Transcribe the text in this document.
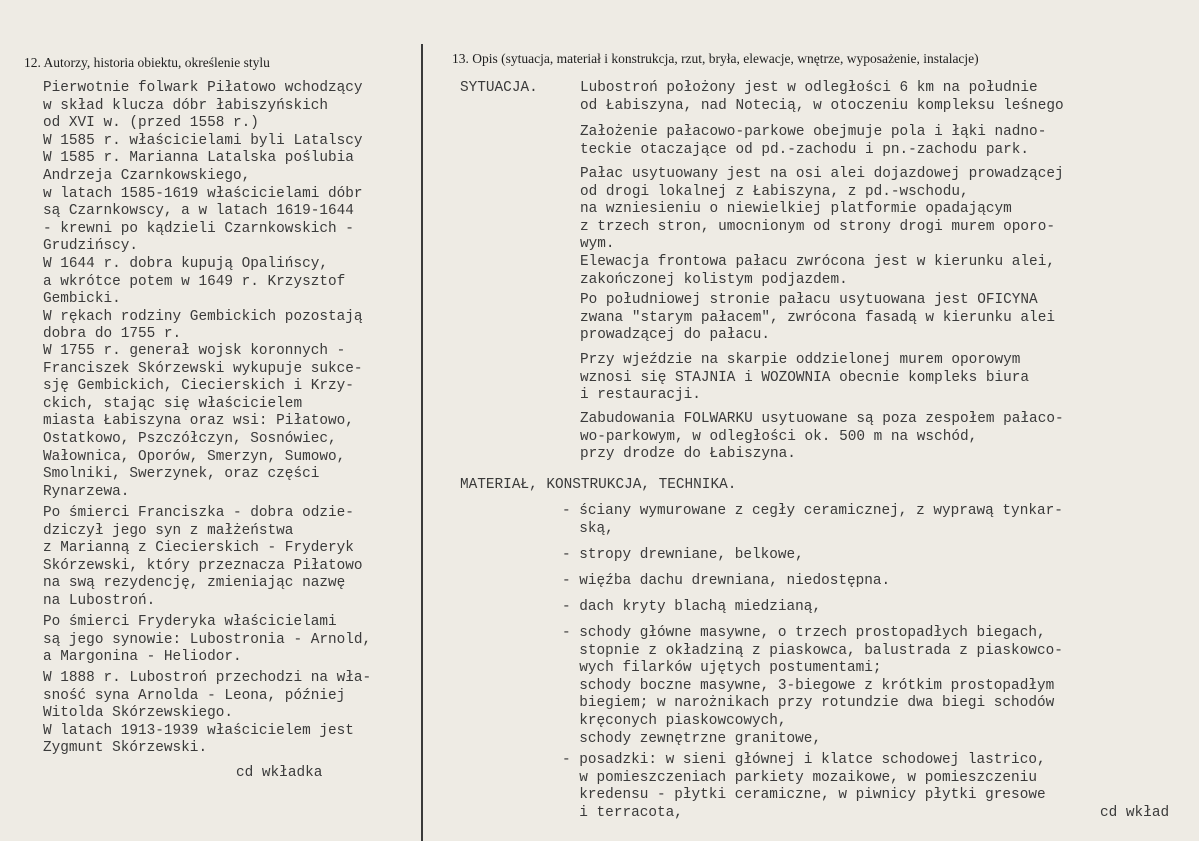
12. Autorzy, historia obiektu, określenie stylu	13. Opis (sytuacja, materiał i konstrukcja, rzut, bryła, elewacje, wnętrze, wyposażenie, instalacje)
Pierwotnie folwark Piłatowo wchodzący
w skład klucza dóbr łabiszyńskich
od XVI w. (przed 1558 r.)
W 1585 r. właścicielami byli Latalscy
W 1585 r. Marianna Latalska poślubia
Andrzeja Czarnkowskiego,
w latach 1585-1619 właścicielami dóbr
są Czarnkowscy, a w latach 1619-1644
- krewni po kądzieli Czarnkowskich -
Grudzińscy.
W 1644 r. dobra kupują Opalińscy,
a wkrótce potem w 1649 r. Krzysztof
Gembicki.
W rękach rodziny Gembickich pozostają
dobra do 1755 r.
W 1755 r. generał wojsk koronnych -
Franciszek Skórzewski wykupuje sukce-
sję Gembickich, Ciecierskich i Krzy-
ckich, stając się właścicielem
miasta Łabiszyna oraz wsi: Piłatowo,
Ostatkowo, Pszczółczyn, Sosnówiec,
Wałownica, Oporów, Smerzyn, Sumowo,
Smolniki, Swerzynek, oraz części
Rynarzewa.
Po śmierci Franciszka - dobra odzie-
dziczył jego syn z małżeństwa
z Marianną z Ciecierskich - Fryderyk
Skórzewski, który przeznacza Piłatowo
na swą rezydencję, zmieniając nazwę
na Lubostroń.
Po śmierci Fryderyka właścicielami
są jego synowie: Lubostronia - Arnold,
a Margonina - Heliodor.
W 1888 r. Lubostroń przechodzi na wła-
sność syna Arnolda - Leona, później
Witolda Skórzewskiego.
W latach 1913-1939 właścicielem jest
Zygmunt Skórzewski.
cd wkładka
SYTUACJA.	Lubostroń położony jest w odległości 6 km na południe
od Łabiszyna, nad Notecią, w otoczeniu kompleksu leśnego
Założenie pałacowo-parkowe obejmuje pola i łąki nadno-
teckie otaczające od pd.-zachodu i pn.-zachodu park.
Pałac usytuowany jest na osi alei dojazdowej prowadzącej
od drogi lokalnej z Łabiszyna, z pd.-wschodu,
na wzniesieniu o niewielkiej platformie opadającym
z trzech stron, umocnionym od strony drogi murem oporo-
wym.
Elewacja frontowa pałacu zwrócona jest w kierunku alei,
zakończonej kolistym podjazdem.
Po południowej stronie pałacu usytuowana jest OFICYNA
zwana "starym pałacem", zwrócona fasadą w kierunku alei
prowadzącej do pałacu.
Przy wjeździe na skarpie oddzielonej murem oporowym
wznosi się STAJNIA i WOZOWNIA obecnie kompleks biura
i restauracji.
Zabudowania FOLWARKU usytuowane są poza zespołem pałaco-
wo-parkowym, w odległości ok. 500 m na wschód,
przy drodze do Łabiszyna.
MATERIAŁ, KONSTRUKCJA, TECHNIKA.
- ściany wymurowane z cegły ceramicznej, z wyprawą tynkar-
ską,
- stropy drewniane, belkowe,
- więźba dachu drewniana, niedostępna.
- dach kryty blachą miedzianą,
- schody główne masywne, o trzech prostopadłych biegach,
stopnie z okładziną z piaskowca, balustrada z piaskowco-
wych filarków ujętych postumentami;
schody boczne masywne, 3-biegowe z krótkim prostopadłym
biegiem; w narożnikach przy rotundzie dwa biegi schodów
kręconych piaskowcowych,
schody zewnętrzne granitowe,
- posadzki: w sieni głównej i klatce schodowej lastrico,
w pomieszczeniach parkiety mozaikowe, w pomieszczeniu
kredensu - płytki ceramiczne, w piwnicy płytki gresowe
i terracota,	cd wkład
